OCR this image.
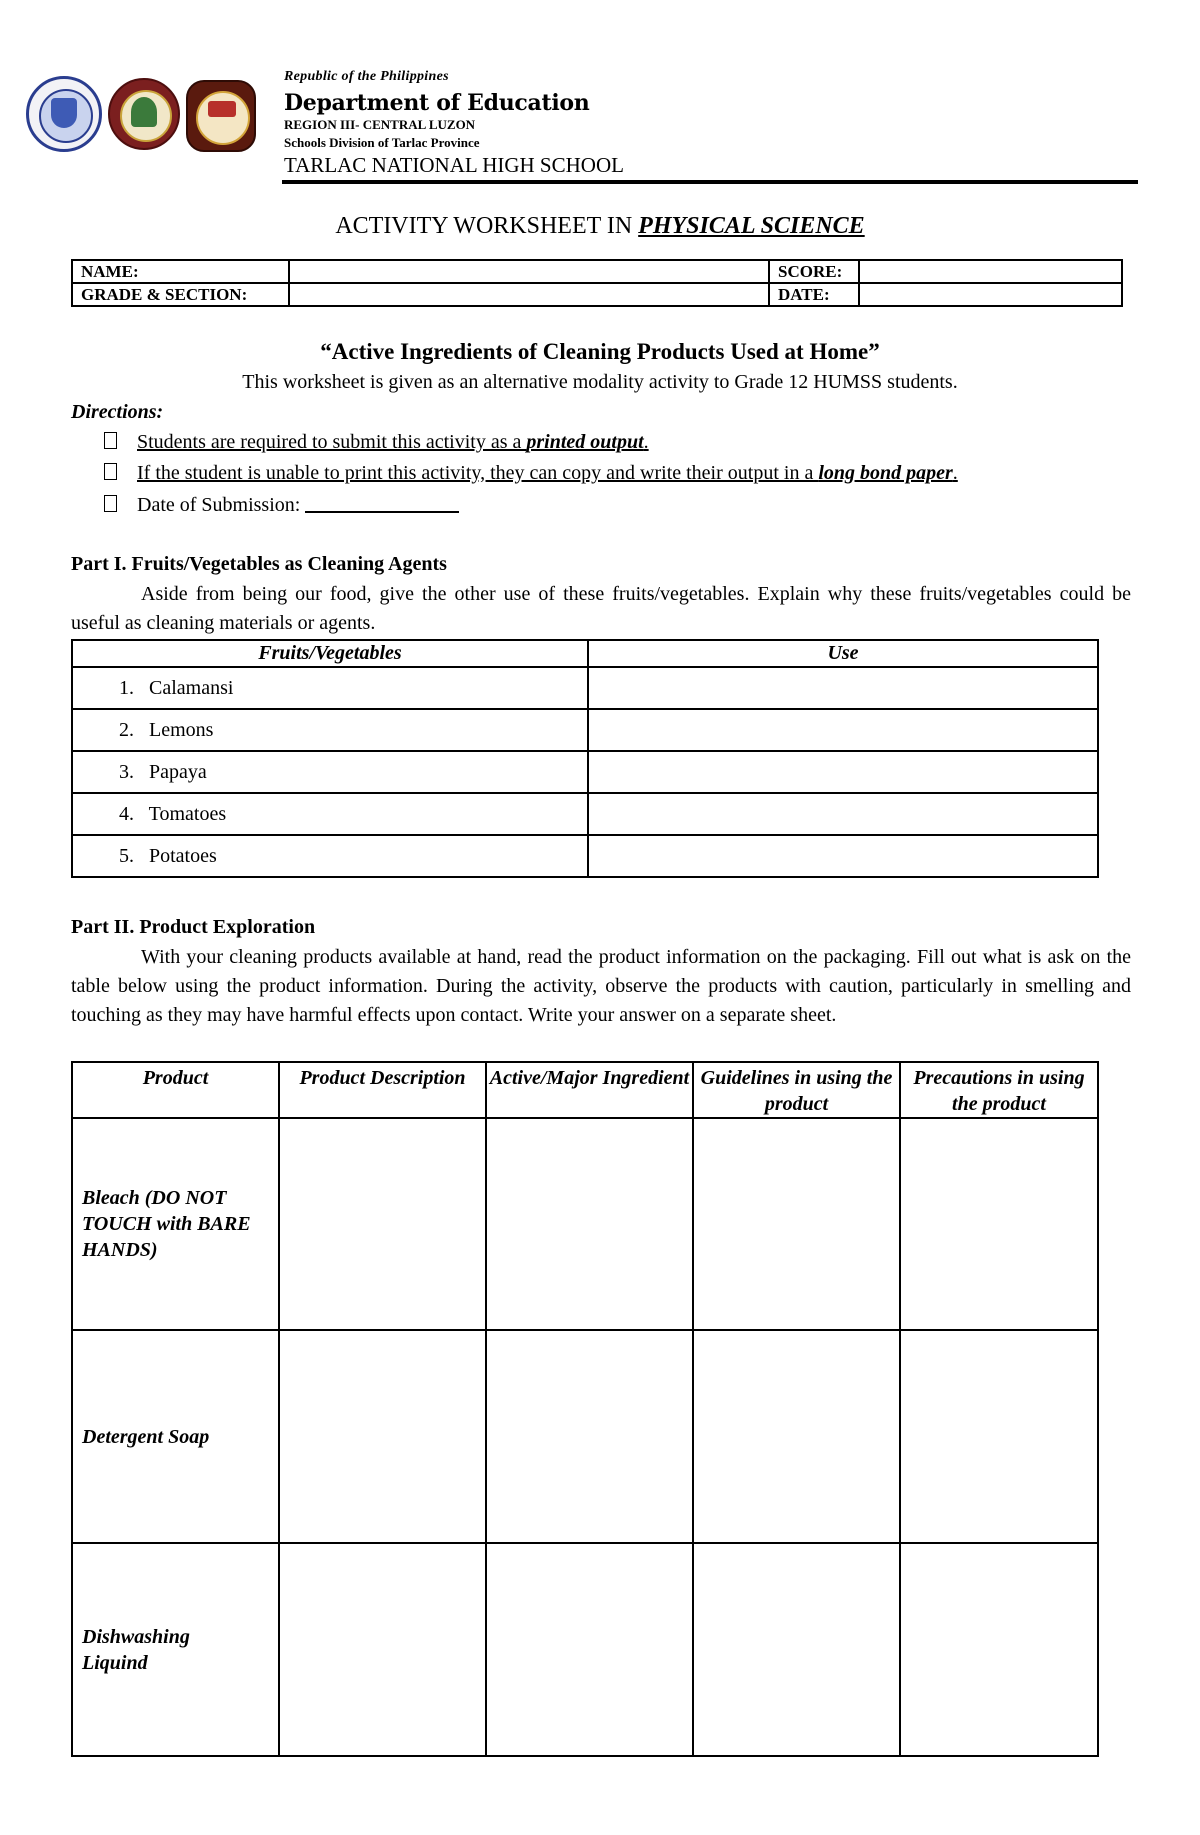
Republic of the Philippines
Department of Education
REGION III- CENTRAL LUZON
Schools Division of Tarlac Province
TARLAC NATIONAL HIGH SCHOOL
ACTIVITY WORKSHEET IN PHYSICAL SCIENCE
NAME:		SCORE:	
GRADE & SECTION:		DATE:	
“Active Ingredients of Cleaning Products Used at Home”
This worksheet is given as an alternative modality activity to Grade 12 HUMSS students.
Directions:
Students are required to submit this activity as a printed output.
If the student is unable to print this activity, they can copy and write their output in a long bond paper.
Date of Submission:
Part I. Fruits/Vegetables as Cleaning Agents
Aside from being our food, give the other use of these fruits/vegetables. Explain why these fruits/vegetables could be useful as cleaning materials or agents.
Fruits/Vegetables	Use
1.   Calamansi	
2.   Lemons	
3.   Papaya	
4.   Tomatoes	
5.   Potatoes	
Part II. Product Exploration
With your cleaning products available at hand, read the product information on the packaging. Fill out what is ask on the table below using the product information. During the activity, observe the products with caution, particularly in smelling and touching as they may have harmful effects upon contact. Write your answer on a separate sheet.
Product	Product Description	Active/Major Ingredient	Guidelines in using the product	Precautions in using the product
Bleach (DO NOT TOUCH with BARE HANDS)				
Detergent Soap				
Dishwashing Liquind				
